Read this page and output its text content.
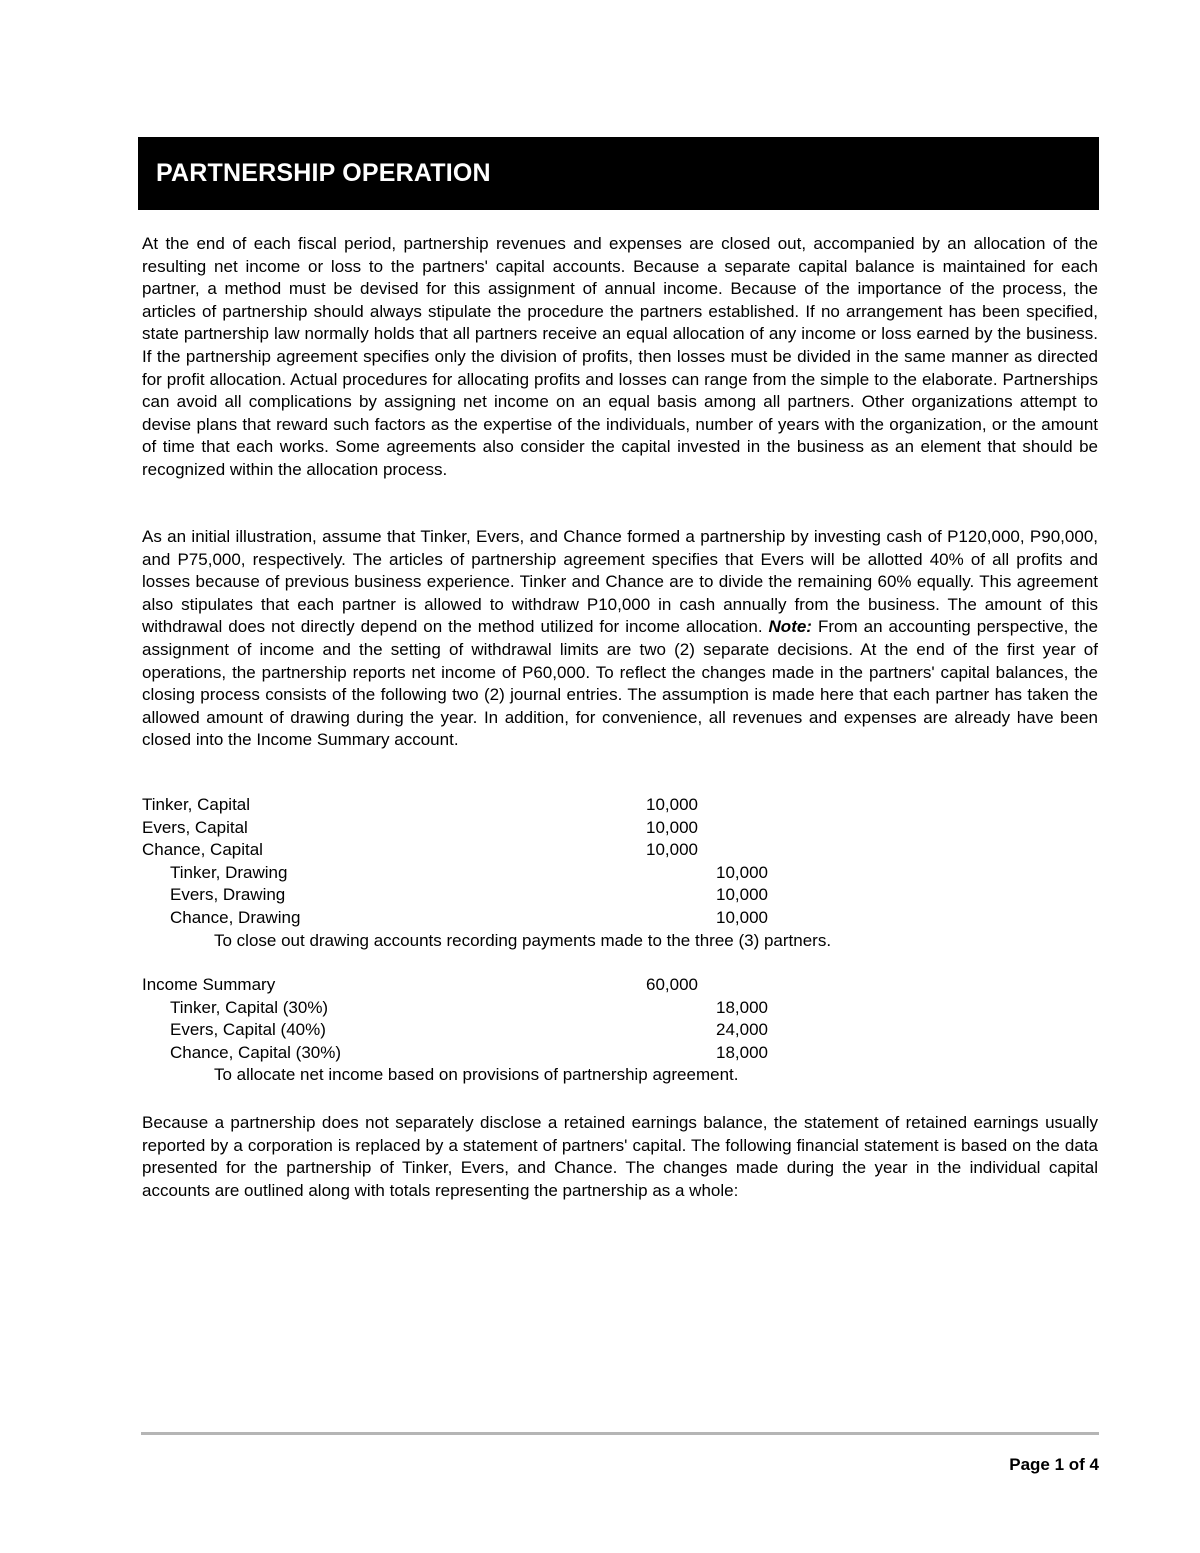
PARTNERSHIP OPERATION

At the end of each fiscal period, partnership revenues and expenses are closed out, accompanied by an allocation of the resulting net income or loss to the partners' capital accounts. Because a separate capital balance is maintained for each partner, a method must be devised for this assignment of annual income. Because of the importance of the process, the articles of partnership should always stipulate the procedure the partners established. If no arrangement has been specified, state partnership law normally holds that all partners receive an equal allocation of any income or loss earned by the business. If the partnership agreement specifies only the division of profits, then losses must be divided in the same manner as directed for profit allocation. Actual procedures for allocating profits and losses can range from the simple to the elaborate. Partnerships can avoid all complications by assigning net income on an equal basis among all partners. Other organizations attempt to devise plans that reward such factors as the expertise of the individuals, number of years with the organization, or the amount of time that each works. Some agreements also consider the capital invested in the business as an element that should be recognized within the allocation process.

As an initial illustration, assume that Tinker, Evers, and Chance formed a partnership by investing cash of P120,000, P90,000, and P75,000, respectively. The articles of partnership agreement specifies that Evers will be allotted 40% of all profits and losses because of previous business experience. Tinker and Chance are to divide the remaining 60% equally. This agreement also stipulates that each partner is allowed to withdraw P10,000 in cash annually from the business. The amount of this withdrawal does not directly depend on the method utilized for income allocation. Note: From an accounting perspective, the assignment of income and the setting of withdrawal limits are two (2) separate decisions. At the end of the first year of operations, the partnership reports net income of P60,000. To reflect the changes made in the partners' capital balances, the closing process consists of the following two (2) journal entries. The assumption is made here that each partner has taken the allowed amount of drawing during the year. In addition, for convenience, all revenues and expenses are already have been closed into the Income Summary account.

Tinker, Capital	10,000
Evers, Capital	10,000
Chance, Capital	10,000
Tinker, Drawing	10,000
Evers, Drawing	10,000
Chance, Drawing	10,000
To close out drawing accounts recording payments made to the three (3) partners.
Income Summary	60,000
Tinker, Capital (30%)	18,000
Evers, Capital (40%)	24,000
Chance, Capital (30%)	18,000
To allocate net income based on provisions of partnership agreement.

Because a partnership does not separately disclose a retained earnings balance, the statement of retained earnings usually reported by a corporation is replaced by a statement of partners' capital. The following financial statement is based on the data presented for the partnership of Tinker, Evers, and Chance. The changes made during the year in the individual capital accounts are outlined along with totals representing the partnership as a whole:

Page 1 of 4
